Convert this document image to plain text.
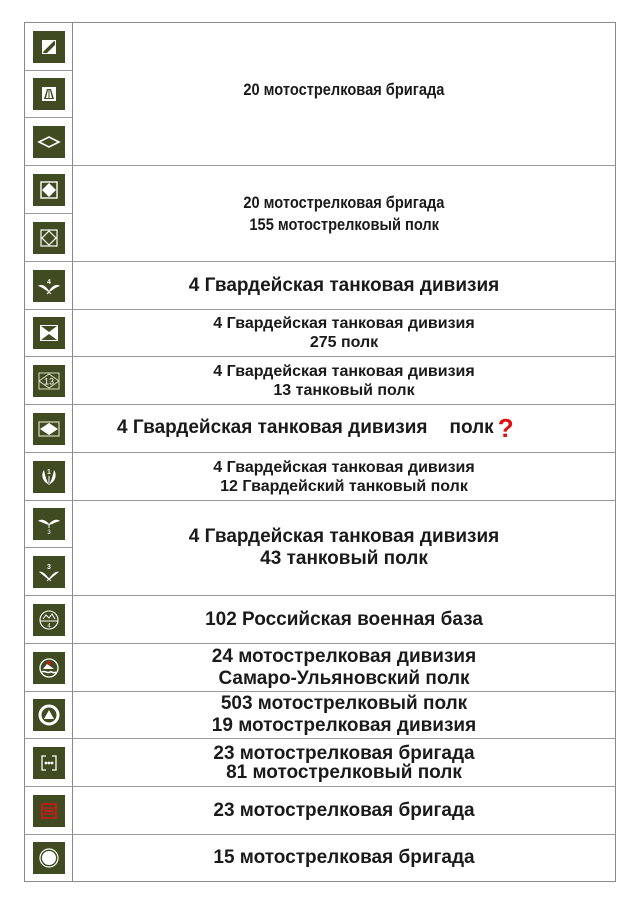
4
13
1
3
3
4
20 мотострелковая бригада
20 мотострелковая бригада
155 мотострелковый полк
4 Гвардейская танковая дивизия
4 Гвардейская танковая дивизия
275 полк
4 Гвардейская танковая дивизия
13 танковый полк
4 Гвардейская танковая дивизия полк ?
4 Гвардейская танковая дивизия
12 Гвардейский танковый полк
4 Гвардейская танковая дивизия
43 танковый полк
102 Российская военная база
24 мотострелковая дивизия
Самаро-Ульяновский полк
503 мотострелковый полк
19 мотострелковая дивизия
23 мотострелковая бригада
81 мотострелковый полк
23 мотострелковая бригада
15 мотострелковая бригада
